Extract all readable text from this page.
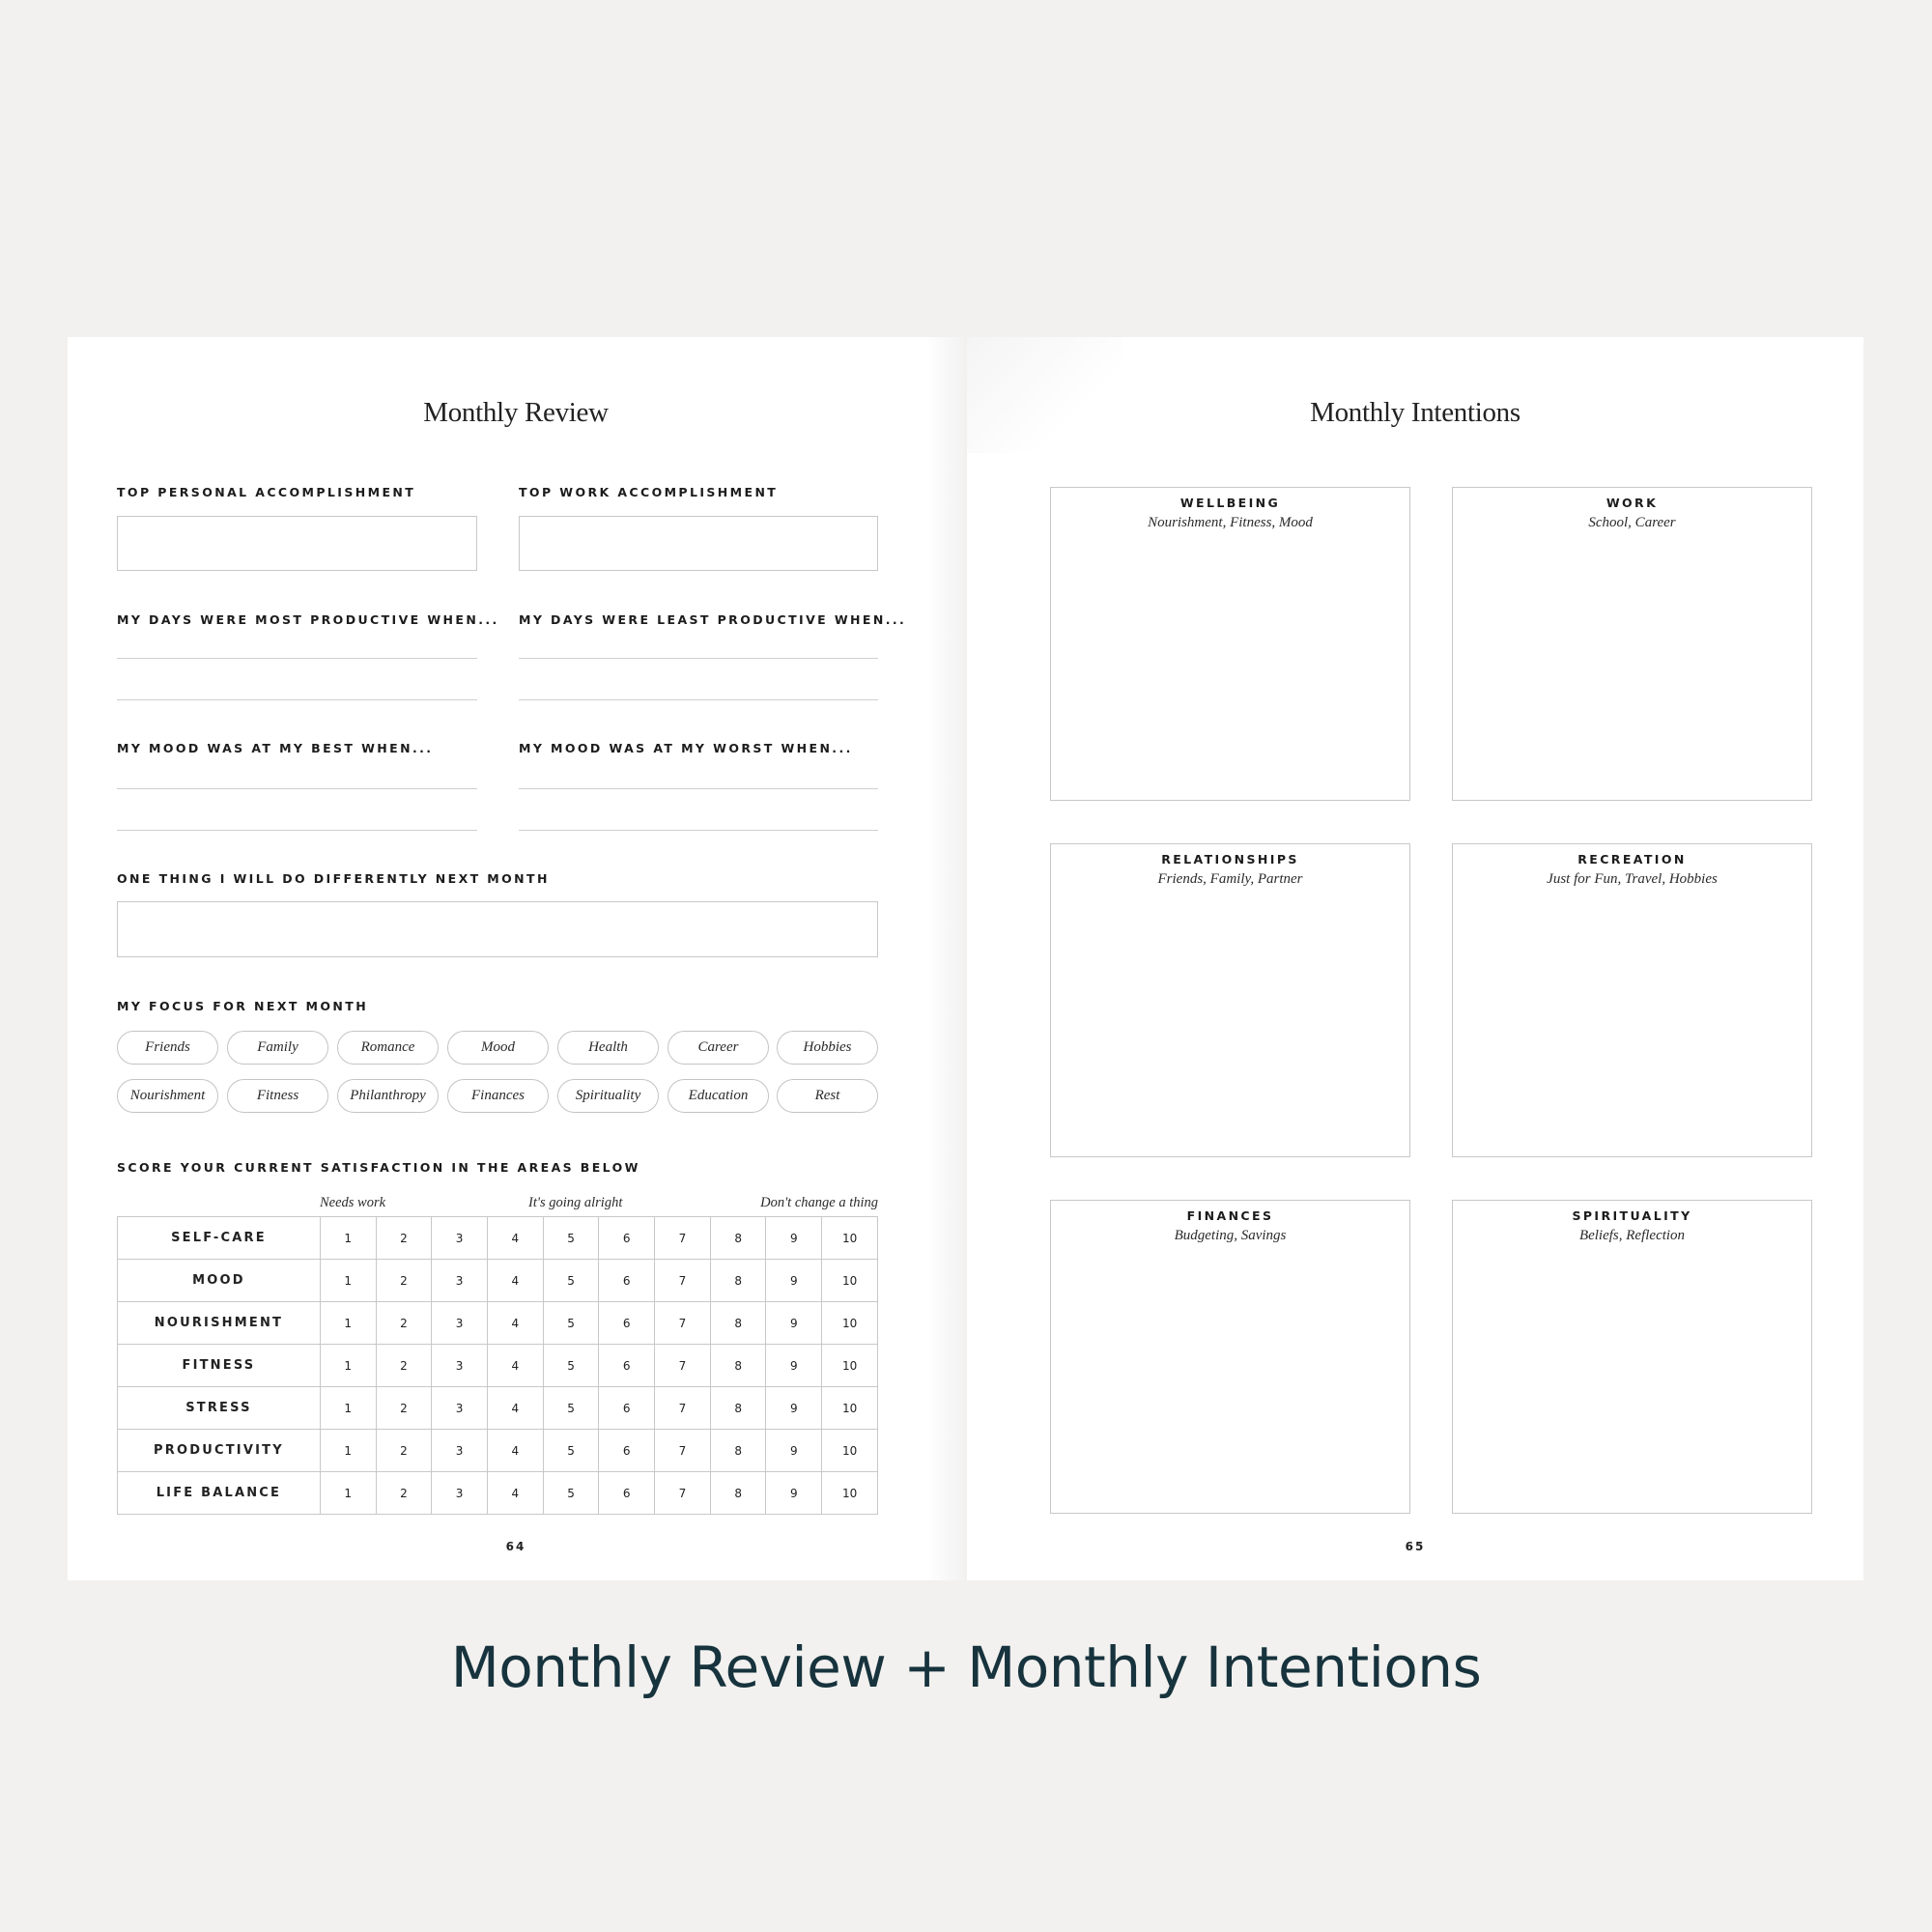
Monthly Review
TOP PERSONAL ACCOMPLISHMENT	TOP WORK ACCOMPLISHMENT
MY DAYS WERE MOST PRODUCTIVE WHEN... MY DAYS WERE LEAST PRODUCTIVE WHEN...
MY MOOD WAS AT MY BEST WHEN...	MY MOOD WAS AT MY WORST WHEN...
ONE THING I WILL DO DIFFERENTLY NEXT MONTH
MY FOCUS FOR NEXT MONTH
Friends	Family	Romance	Mood	Health	Career	Hobbies
Nourishment	Fitness	Philanthropy	Finances	Spirituality	Education	Rest
SCORE YOUR CURRENT SATISFACTION IN THE AREAS BELOW
Needs work	It's going alright	Don't change a thing
SELF-CARE	1	2	3	4	5	6	7	8	9	10
MOOD	1	2	3	4	5	6	7	8	9	10
NOURISHMENT	1	2	3	4	5	6	7	8	9	10
FITNESS	1	2	3	4	5	6	7	8	9	10
STRESS	1	2	3	4	5	6	7	8	9	10
PRODUCTIVITY	1	2	3	4	5	6	7	8	9	10
LIFE BALANCE	1	2	3	4	5	6	7	8	9	10
64
Monthly Intentions
WELLBEING
Nourishment, Fitness, Mood
WORK
School, Career
RELATIONSHIPS
Friends, Family, Partner
RECREATION
Just for Fun, Travel, Hobbies
FINANCES
Budgeting, Savings
SPIRITUALITY
Beliefs, Reflection
65
Monthly Review + Monthly Intentions
